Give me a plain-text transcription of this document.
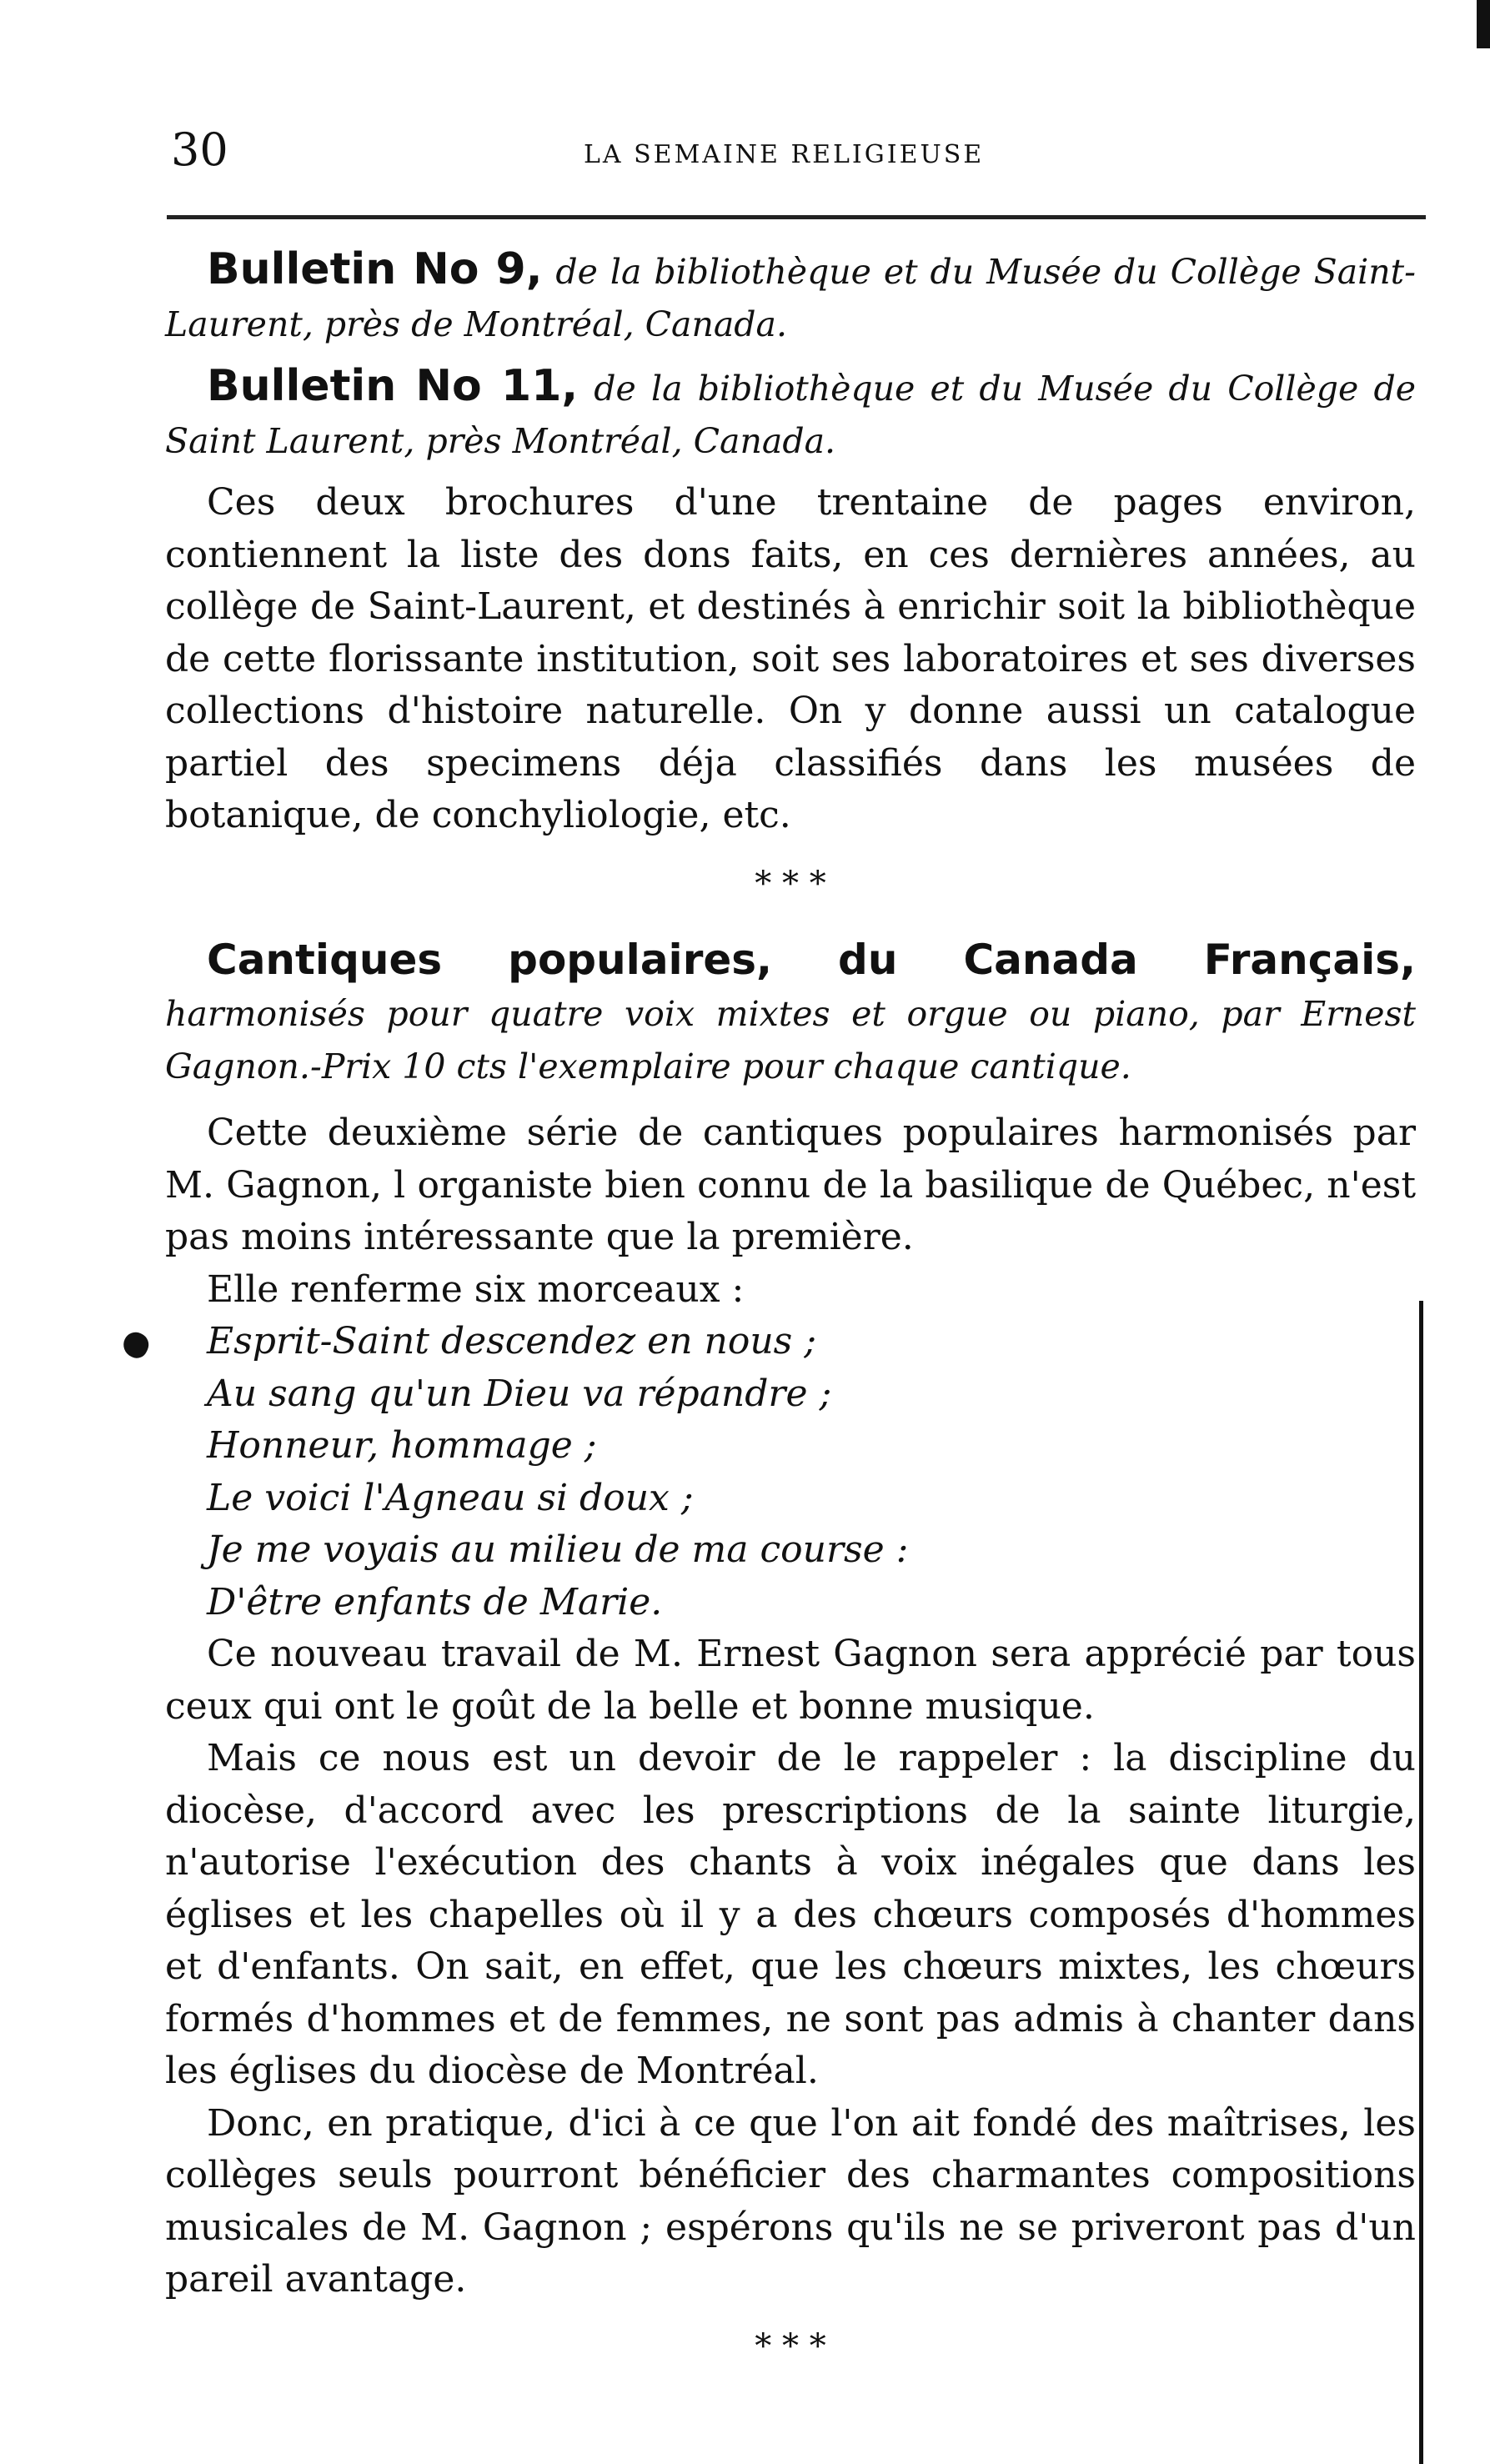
30	LA SEMAINE RELIGIEUSE

Bulletin No 9, de la bibliothèque et du Musée du Collège Saint-Laurent, près de Montréal, Canada.

Bulletin No 11, de la bibliothèque et du Musée du Collège de Saint Laurent, près Montréal, Canada.

Ces deux brochures d'une trentaine de pages environ, contiennent la liste des dons faits, en ces dernières années, au collège de Saint-Laurent, et destinés à enrichir soit la bibliothèque de cette florissante institution, soit ses laboratoires et ses diverses collections d'histoire naturelle. On y donne aussi un catalogue partiel des specimens déja classifiés dans les musées de botanique, de conchyliologie, etc.

* * *

Cantiques populaires, du Canada Français, harmonisés pour quatre voix mixtes et orgue ou piano, par Ernest Gagnon.-Prix 10 cts l'exemplaire pour chaque cantique.

Cette deuxième série de cantiques populaires harmonisés par M. Gagnon, l organiste bien connu de la basilique de Québec, n'est pas moins intéressante que la première.

Elle renferme six morceaux :

Esprit-Saint descendez en nous ;

Au sang qu'un Dieu va répandre ;

Honneur, hommage ;

Le voici l'Agneau si doux ;

Je me voyais au milieu de ma course :

D'être enfants de Marie.

Ce nouveau travail de M. Ernest Gagnon sera apprécié par tous ceux qui ont le goût de la belle et bonne musique.

Mais ce nous est un devoir de le rappeler : la discipline du diocèse, d'accord avec les prescriptions de la sainte liturgie, n'autorise l'exécution des chants à voix inégales que dans les églises et les chapelles où il y a des chœurs composés d'hommes et d'enfants. On sait, en effet, que les chœurs mixtes, les chœurs formés d'hommes et de femmes, ne sont pas admis à chanter dans les églises du diocèse de Montréal.

Donc, en pratique, d'ici à ce que l'on ait fondé des maîtrises, les collèges seuls pourront bénéficier des charmantes compositions musicales de M. Gagnon ; espérons qu'ils ne se priveront pas d'un pareil avantage.

* * *
